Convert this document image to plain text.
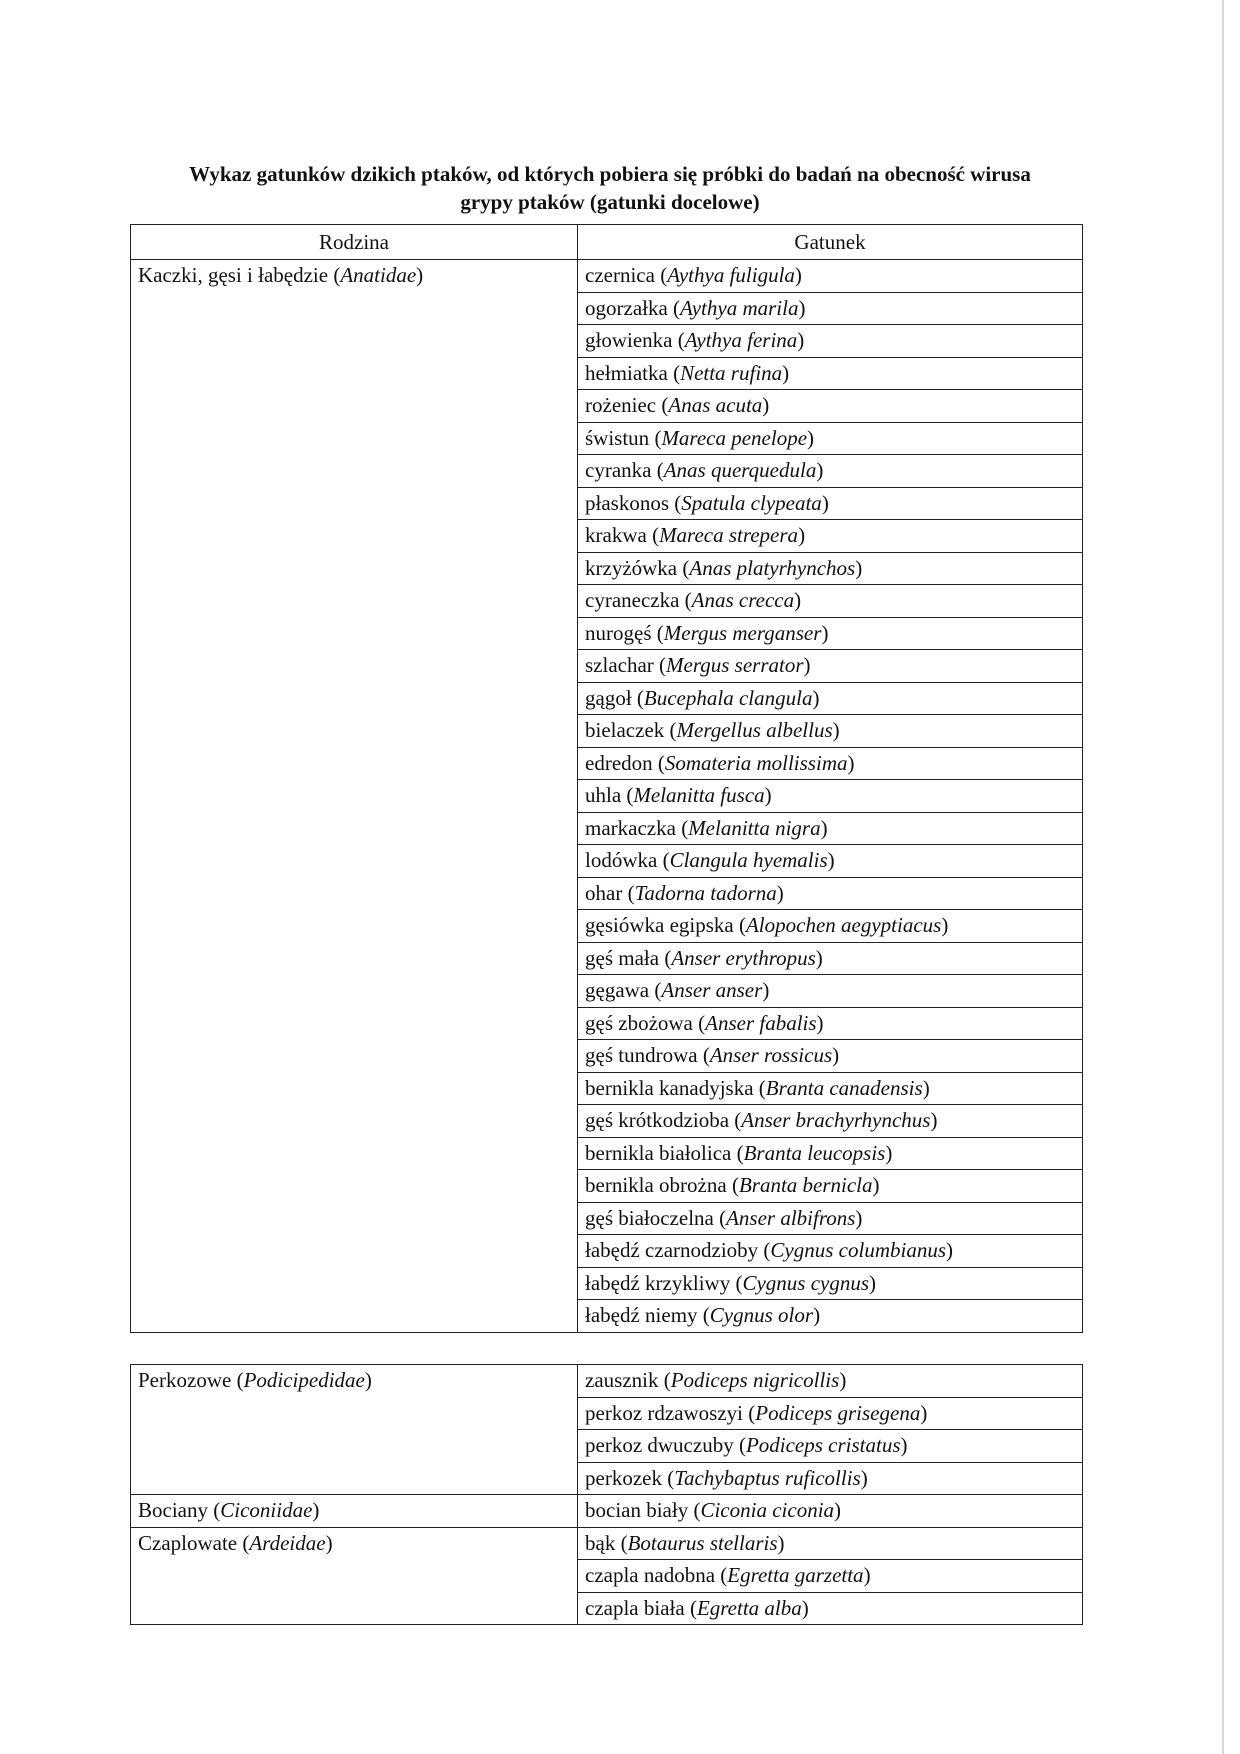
Wykaz gatunków dzikich ptaków, od których pobiera się próbki do badań na obecność wirusa
grypy ptaków (gatunki docelowe)
Rodzina	Gatunek
Kaczki, gęsi i łabędzie (Anatidae)	czernica (Aythya fuligula)
	ogorzałka (Aythya marila)
	głowienka (Aythya ferina)
	hełmiatka (Netta rufina)
	rożeniec (Anas acuta)
	świstun (Mareca penelope)
	cyranka (Anas querquedula)
	płaskonos (Spatula clypeata)
	krakwa (Mareca strepera)
	krzyżówka (Anas platyrhynchos)
	cyraneczka (Anas crecca)
	nurogęś (Mergus merganser)
	szlachar (Mergus serrator)
	gągoł (Bucephala clangula)
	bielaczek (Mergellus albellus)
	edredon (Somateria mollissima)
	uhla (Melanitta fusca)
	markaczka (Melanitta nigra)
	lodówka (Clangula hyemalis)
	ohar (Tadorna tadorna)
	gęsiówka egipska (Alopochen aegyptiacus)
	gęś mała (Anser erythropus)
	gęgawa (Anser anser)
	gęś zbożowa (Anser fabalis)
	gęś tundrowa (Anser rossicus)
	bernikla kanadyjska (Branta canadensis)
	gęś krótkodzioba (Anser brachyrhynchus)
	bernikla białolica (Branta leucopsis)
	bernikla obrożna (Branta bernicla)
	gęś białoczelna (Anser albifrons)
	łabędź czarnodzioby (Cygnus columbianus)
	łabędź krzykliwy (Cygnus cygnus)
	łabędź niemy (Cygnus olor)
Perkozowe (Podicipedidae)	zausznik (Podiceps nigricollis)
	perkoz rdzawoszyi (Podiceps grisegena)
	perkoz dwuczuby (Podiceps cristatus)
	perkozek (Tachybaptus ruficollis)
Bociany (Ciconiidae)	bocian biały (Ciconia ciconia)
Czaplowate (Ardeidae)	bąk (Botaurus stellaris)
	czapla nadobna (Egretta garzetta)
	czapla biała (Egretta alba)
